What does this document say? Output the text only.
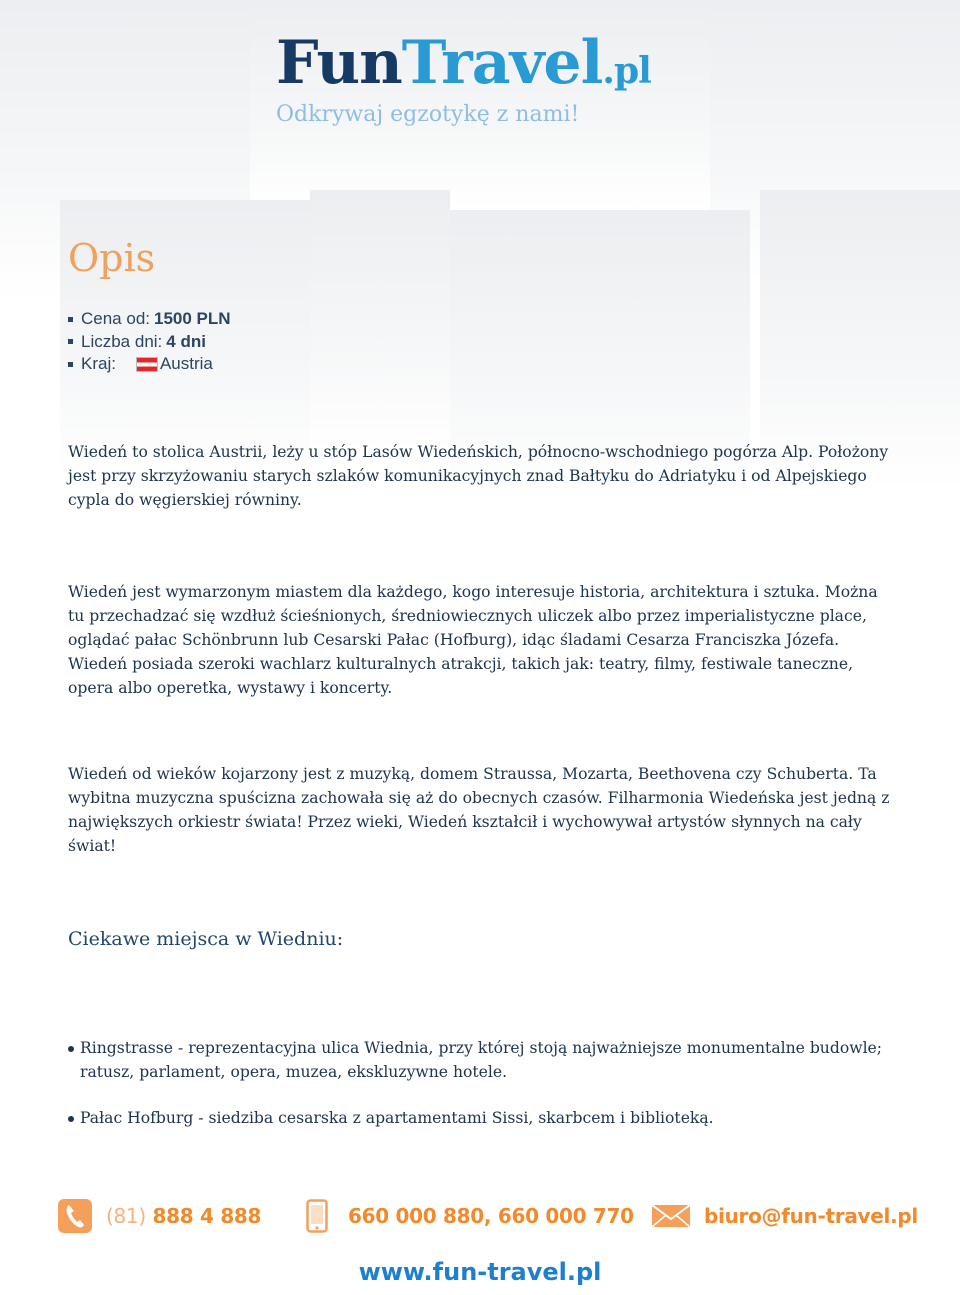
FunTravel.pl
Odkrywaj egzotykę z nami!
Opis
Cena od: 1500 PLN
Liczba dni: 4 dni
Kraj:	Austria
Wiedeń to stolica Austrii, leży u stóp Lasów Wiedeńskich, północno-wschodniego pogórza Alp. Położony jest przy skrzyżowaniu starych szlaków komunikacyjnych znad Bałtyku do Adriatyku i od Alpejskiego cypla do węgierskiej równiny.
Wiedeń jest wymarzonym miastem dla każdego, kogo interesuje historia, architektura i sztuka. Można tu przechadzać się wzdłuż ścieśnionych, średniowiecznych uliczek albo przez imperialistyczne place, oglądać pałac Schönbrunn lub Cesarski Pałac (Hofburg), idąc śladami Cesarza Franciszka Józefa. Wiedeń posiada szeroki wachlarz kulturalnych atrakcji, takich jak: teatry, filmy, festiwale taneczne, opera albo operetka, wystawy i koncerty.
Wiedeń od wieków kojarzony jest z muzyką, domem Straussa, Mozarta, Beethovena czy Schuberta. Ta wybitna muzyczna spuścizna zachowała się aż do obecnych czasów. Filharmonia Wiedeńska jest jedną z największych orkiestr świata! Przez wieki, Wiedeń kształcił i wychowywał artystów słynnych na cały świat!
Ciekawe miejsca w Wiedniu:
Ringstrasse - reprezentacyjna ulica Wiednia, przy której stoją najważniejsze monumentalne budowle; ratusz, parlament, opera, muzea, ekskluzywne hotele.
Pałac Hofburg - siedziba cesarska z apartamentami Sissi, skarbcem i biblioteką.
(81) 888 4 888	660 000 880, 660 000 770	biuro@fun-travel.pl
www.fun-travel.pl
